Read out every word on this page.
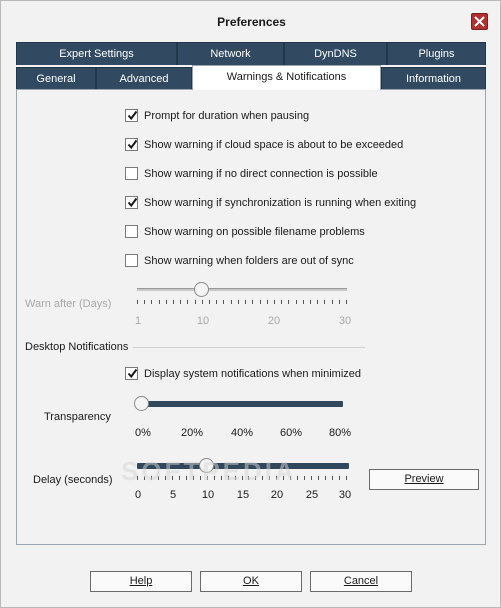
Preferences
Expert Settings	Network	DynDNS	Plugins
General	Advanced	Warnings & Notifications	Information
Prompt for duration when pausing
Show warning if cloud space is about to be exceeded
Show warning if no direct connection is possible
Show warning if synchronization is running when exiting
Show warning on possible filename problems
Show warning when folders are out of sync
Warn after (Days)
1	10	20	30
Desktop Notifications
Display system notifications when minimized
Transparency
0%	20%	40% 60% 80%
Delay (seconds)
0	5 10 15 20 25 30
Preview
Help	OK	Cancel
SOFTPEDIA
